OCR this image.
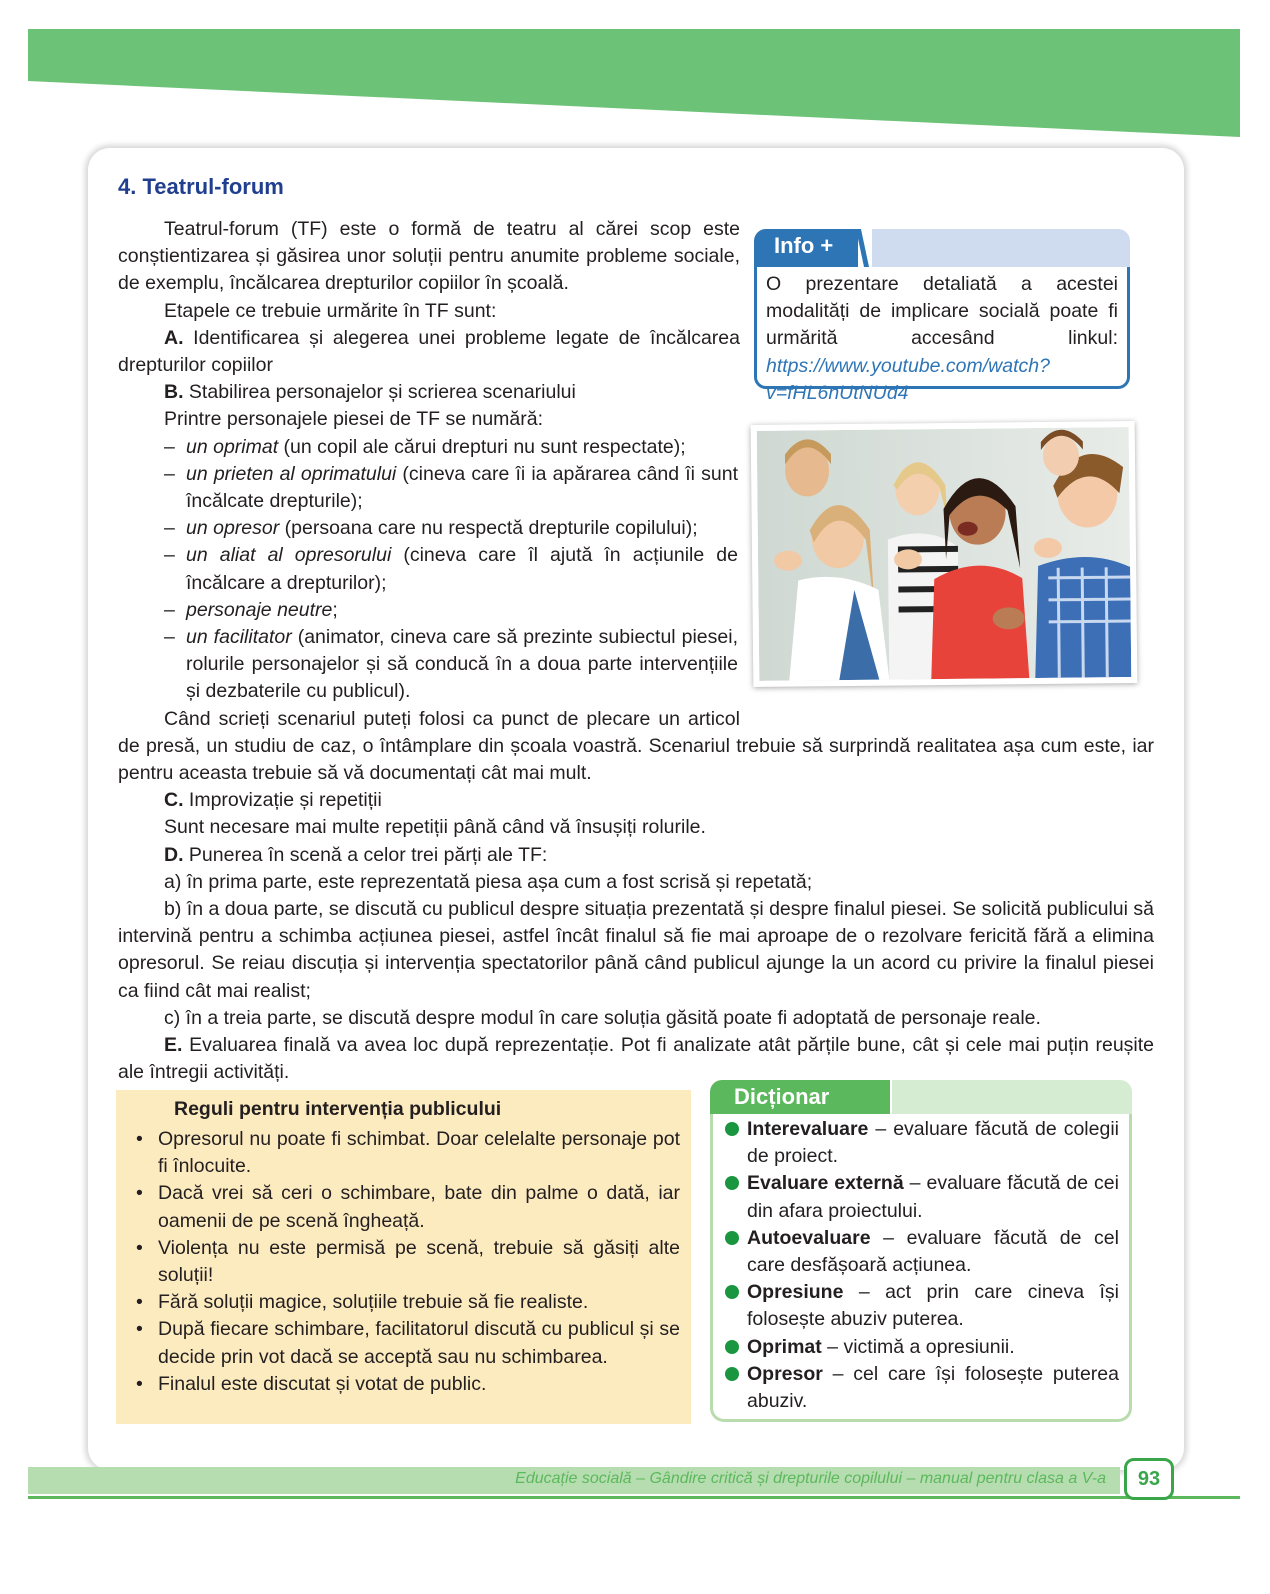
4. Teatrul-forum
Info +
O prezentare detaliată a acestei modalități de implicare socială poate fi urmărită accesând linkul: https://www.youtube.com/watch?v=fHL6nUtNUd4

Teatrul-forum (TF) este o formă de teatru al cărei scop este conștientizarea și găsirea unor soluții pentru anumite probleme sociale, de exemplu, încălcarea drepturilor copiilor în școală.

Etapele ce trebuie urmărite în TF sunt:

A. Identificarea și alegerea unei probleme legate de încălcarea drepturilor copiilor

B. Stabilirea personajelor și scrierea scenariului

Printre personajele piesei de TF se numără:

– un oprimat (un copil ale cărui drepturi nu sunt respectate);
– un prieten al oprimatului (cineva care îi ia apărarea când îi sunt încălcate drepturile);
– un opresor (persoana care nu respectă drepturile copilului);
– un aliat al opresorului (cineva care îl ajută în acțiunile de încălcare a drepturilor);
– personaje neutre;
– un facilitator (animator, cineva care să prezinte subiectul piesei, rolurile personajelor și să conducă în a doua parte intervențiile și dezbaterile cu publicul).

Când scrieți scenariul puteți folosi ca punct de plecare un articol de presă, un studiu de caz, o întâmplare din școala voastră. Scenariul trebuie să surprindă realitatea așa cum este, iar pentru aceasta trebuie să vă documentați cât mai mult.

C. Improvizație și repetiții

Sunt necesare mai multe repetiții până când vă însușiți rolurile.

D. Punerea în scenă a celor trei părți ale TF:

a) în prima parte, este reprezentată piesa așa cum a fost scrisă și repetată;

b) în a doua parte, se discută cu publicul despre situația prezentată și despre finalul piesei. Se solicită publicului să intervină pentru a schimba acțiunea piesei, astfel încât finalul să fie mai aproape de o rezolvare fericită fără a elimina opresorul. Se reiau discuția și intervenția spectatorilor până când publicul ajunge la un acord cu privire la finalul piesei ca fiind cât mai realist;

c) în a treia parte, se discută despre modul în care soluția găsită poate fi adoptată de personaje reale.

E. Evaluarea finală va avea loc după reprezentație. Pot fi analizate atât părțile bune, cât și cele mai puțin reușite ale întregii activități.

Reguli pentru intervenția publicului
• Opresorul nu poate fi schimbat. Doar celelalte personaje pot fi înlocuite.
• Dacă vrei să ceri o schimbare, bate din palme o dată, iar oamenii de pe scenă îngheață.
• Violența nu este permisă pe scenă, trebuie să găsiți alte soluții!
• Fără soluții magice, soluțiile trebuie să fie realiste.
• După fiecare schimbare, facilitatorul discută cu publicul și se decide prin vot dacă se acceptă sau nu schimbarea.
• Finalul este discutat și votat de public.
Dicționar
Interevaluare – evaluare făcută de colegii de proiect.
Evaluare externă – evaluare făcută de cei din afara proiectului.
Autoevaluare – evaluare făcută de cel care desfășoară acțiunea.
Opresiune – act prin care cineva își folosește abuziv puterea.
Oprimat – victimă a opresiunii.
Opresor – cel care își folosește puterea abuziv.
Educație socială – Gândire critică și drepturile copilului – manual pentru clasa a V-a	93
